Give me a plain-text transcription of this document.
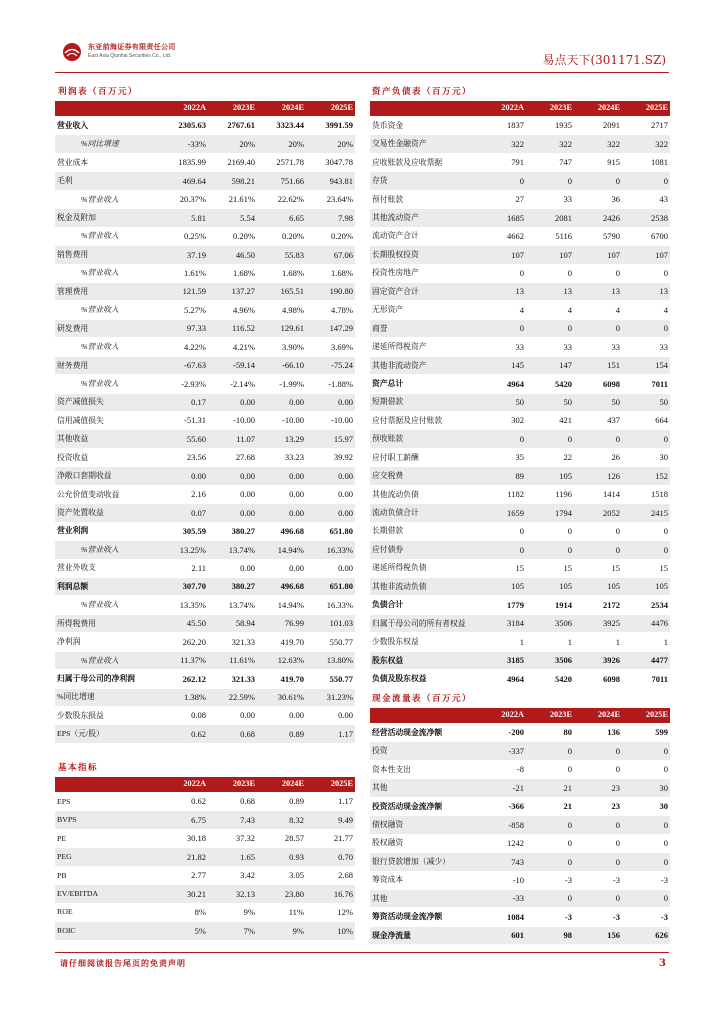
东亚前海证券有限责任公司
East Asia Qianhai Securities Co., Ltd.	易点天下(301171.SZ)
利润表（百万元）
	2022A	2023E	2024E	2025E
营业收入	2305.63	2767.61	3323.44	3991.59
%同比增速	-33%	20%	20%	20%
营业成本	1835.99	2169.40	2571.78	3047.78
毛利	469.64	598.21	751.66	943.81
%营业收入	20.37%	21.61%	22.62%	23.64%
税金及附加	5.81	5.54	6.65	7.98
%营业收入	0.25%	0.20%	0.20%	0.20%
销售费用	37.19	46.50	55.83	67.06
%营业收入	1.61%	1.68%	1.68%	1.68%
管理费用	121.59	137.27	165.51	190.80
%营业收入	5.27%	4.96%	4.98%	4.78%
研发费用	97.33	116.52	129.61	147.29
%营业收入	4.22%	4.21%	3.90%	3.69%
财务费用	-67.63	-59.14	-66.10	-75.24
%营业收入	-2.93%	-2.14%	-1.99%	-1.88%
资产减值损失	0.17	0.00	0.00	0.00
信用减值损失	-51.31	-10.00	-10.00	-10.00
其他收益	55.60	11.07	13.29	15.97
投资收益	23.56	27.68	33.23	39.92
净敞口套期收益	0.00	0.00	0.00	0.00
公允价值变动收益	2.16	0.00	0.00	0.00
资产处置收益	0.07	0.00	0.00	0.00
营业利润	305.59	380.27	496.68	651.80
%营业收入	13.25%	13.74%	14.94%	16.33%
营业外收支	2.11	0.00	0.00	0.00
利润总额	307.70	380.27	496.68	651.80
%营业收入	13.35%	13.74%	14.94%	16.33%
所得税费用	45.50	58.94	76.99	101.03
净利润	262.20	321.33	419.70	550.77
%营业收入	11.37%	11.61%	12.63%	13.80%
归属于母公司的净利润	262.12	321.33	419.70	550.77
%同比增速	1.38%	22.59%	30.61%	31.23%
少数股东损益	0.08	0.00	0.00	0.00
EPS（元/股）	0.62	0.68	0.89	1.17
基本指标
	2022A	2023E	2024E	2025E
EPS	0.62	0.68	0.89	1.17
BVPS	6.75	7.43	8.32	9.49
PE	30.18	37.32	28.57	21.77
PEG	21.82	1.65	0.93	0.70
PB	2.77	3.42	3.05	2.68
EV/EBITDA	30.21	32.13	23.80	16.76
ROE	8%	9%	11%	12%
ROIC	5%	7%	9%	10%
资产负债表（百万元）
	2022A	2023E	2024E	2025E
货币资金	1837	1935	2091	2717
交易性金融资产	322	322	322	322
应收账款及应收票据	791	747	915	1081
存货	0	0	0	0
预付账款	27	33	36	43
其他流动资产	1685	2081	2426	2538
流动资产合计	4662	5116	5790	6700
长期股权投资	107	107	107	107
投资性房地产	0	0	0	0
固定资产合计	13	13	13	13
无形资产	4	4	4	4
商誉	0	0	0	0
递延所得税资产	33	33	33	33
其他非流动资产	145	147	151	154
资产总计	4964	5420	6098	7011
短期借款	50	50	50	50
应付票据及应付账款	302	421	437	664
预收账款	0	0	0	0
应付职工薪酬	35	22	26	30
应交税费	89	105	126	152
其他流动负债	1182	1196	1414	1518
流动负债合计	1659	1794	2052	2415
长期借款	0	0	0	0
应付债券	0	0	0	0
递延所得税负债	15	15	15	15
其他非流动负债	105	105	105	105
负债合计	1779	1914	2172	2534
归属于母公司的所有者权益	3184	3506	3925	4476
少数股东权益	1	1	1	1
股东权益	3185	3506	3926	4477
负债及股东权益	4964	5420	6098	7011
现金流量表（百万元）
	2022A	2023E	2024E	2025E
经营活动现金流净额	-200	80	136	599
投资	-337	0	0	0
资本性支出	-8	0	0	0
其他	-21	21	23	30
投资活动现金流净额	-366	21	23	30
债权融资	-858	0	0	0
股权融资	1242	0	0	0
银行贷款增加（减少）	743	0	0	0
筹资成本	-10	-3	-3	-3
其他	-33	0	0	0
筹资活动现金流净额	1084	-3	-3	-3
现金净流量	601	98	156	626
请仔细阅读报告尾页的免责声明	3
